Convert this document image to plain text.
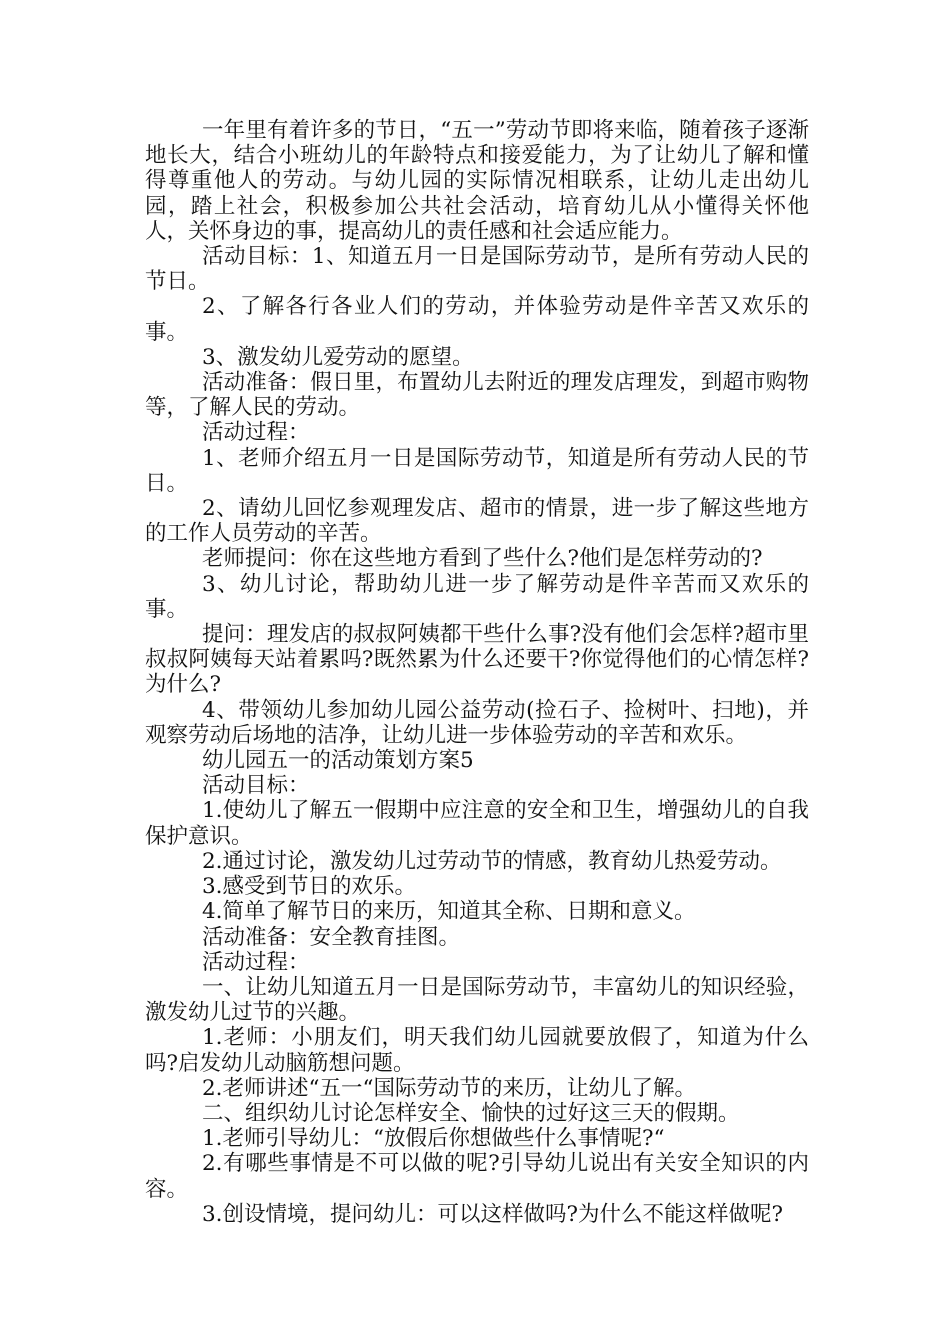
一年里有着许多的节日，“五一”劳动节即将来临，随着孩子逐渐地长大，结合小班幼儿的年龄特点和接爱能力，为了让幼儿了解和懂得尊重他人的劳动。与幼儿园的实际情况相联系，让幼儿走出幼儿园，踏上社会，积极参加公共社会活动，培育幼儿从小懂得关怀他人，关怀身边的事，提高幼儿的责任感和社会适应能力。

活动目标：1、知道五月一日是国际劳动节，是所有劳动人民的节日。

2、了解各行各业人们的劳动，并体验劳动是件辛苦又欢乐的事。

3、激发幼儿爱劳动的愿望。

活动准备：假日里，布置幼儿去附近的理发店理发，到超市购物等，了解人民的劳动。

活动过程：

1、老师介绍五月一日是国际劳动节，知道是所有劳动人民的节日。

2、请幼儿回忆参观理发店、超市的情景，进一步了解这些地方的工作人员劳动的辛苦。

老师提问：你在这些地方看到了些什么?他们是怎样劳动的?

3、幼儿讨论，帮助幼儿进一步了解劳动是件辛苦而又欢乐的事。

提问：理发店的叔叔阿姨都干些什么事?没有他们会怎样?超市里叔叔阿姨每天站着累吗?既然累为什么还要干?你觉得他们的心情怎样?为什么?

4、带领幼儿参加幼儿园公益劳动(捡石子、捡树叶、扫地)，并观察劳动后场地的洁净，让幼儿进一步体验劳动的辛苦和欢乐。

幼儿园五一的活动策划方案5

活动目标：

1.使幼儿了解五一假期中应注意的安全和卫生，增强幼儿的自我保护意识。

2.通过讨论，激发幼儿过劳动节的情感，教育幼儿热爱劳动。

3.感受到节日的欢乐。

4.简单了解节日的来历，知道其全称、日期和意义。

活动准备：安全教育挂图。

活动过程：

一、让幼儿知道五月一日是国际劳动节，丰富幼儿的知识经验，激发幼儿过节的兴趣。

1.老师：小朋友们，明天我们幼儿园就要放假了，知道为什么吗?启发幼儿动脑筋想问题。

2.老师讲述“五一“国际劳动节的来历，让幼儿了解。

二、组织幼儿讨论怎样安全、愉快的过好这三天的假期。

1.老师引导幼儿：“放假后你想做些什么事情呢?“

2.有哪些事情是不可以做的呢?引导幼儿说出有关安全知识的内容。

3.创设情境，提问幼儿：可以这样做吗?为什么不能这样做呢?
